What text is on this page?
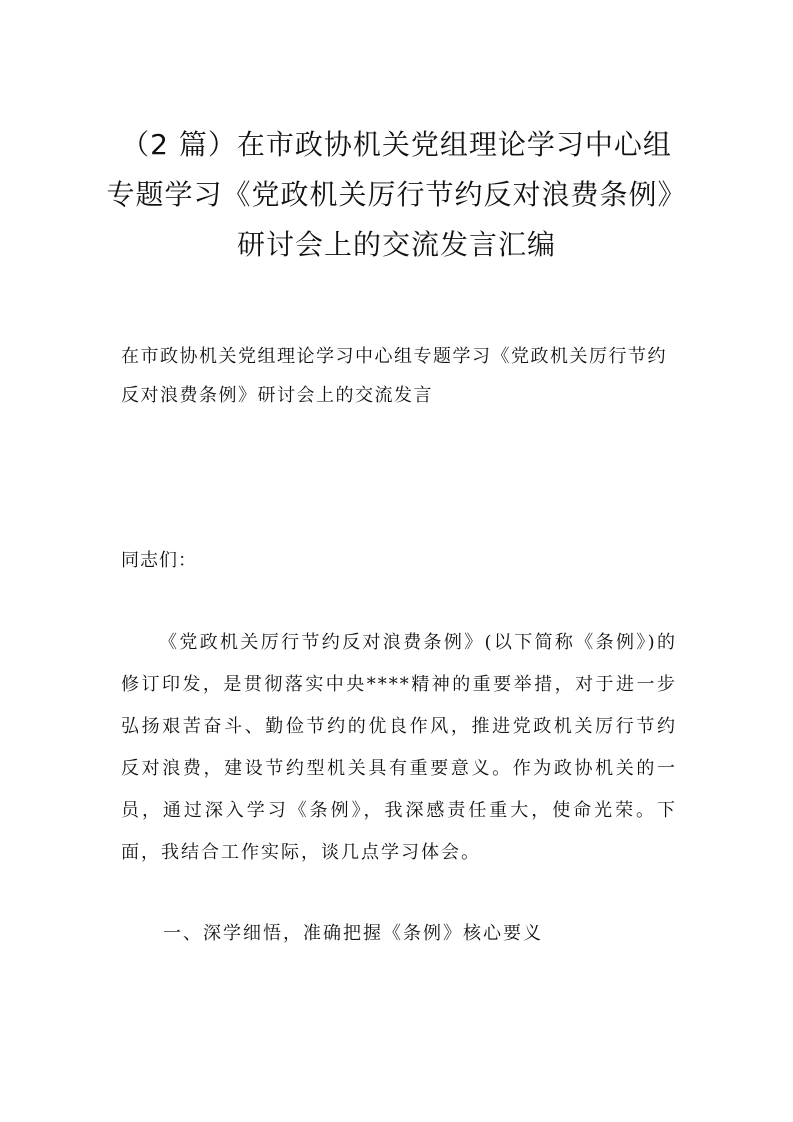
（2 篇）在市政协机关党组理论学习中心组
专题学习《党政机关厉行节约反对浪费条例》
研讨会上的交流发言汇编

在市政协机关党组理论学习中心组专题学习《党政机关厉行节约反对浪费条例》研讨会上的交流发言

同志们：

《党政机关厉行节约反对浪费条例》(以下简称《条例》)的修订印发，是贯彻落实中央****精神的重要举措，对于进一步弘扬艰苦奋斗、勤俭节约的优良作风，推进党政机关厉行节约反对浪费，建设节约型机关具有重要意义。作为政协机关的一员，通过深入学习《条例》，我深感责任重大，使命光荣。下面，我结合工作实际，谈几点学习体会。

一、深学细悟，准确把握《条例》核心要义
